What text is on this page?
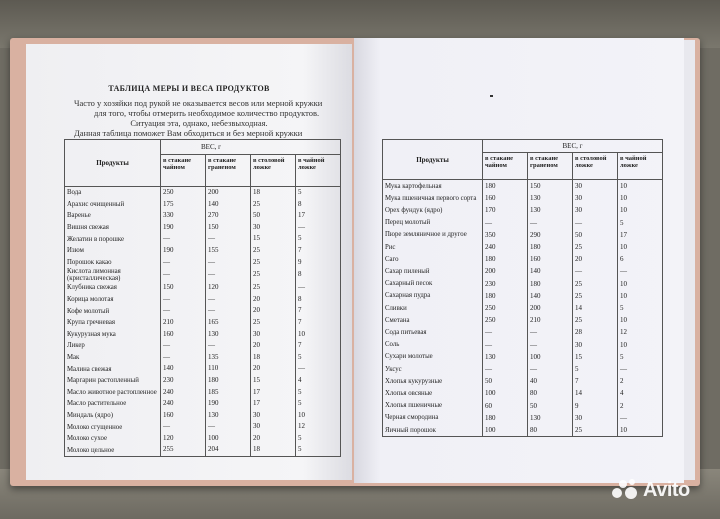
ТАБЛИЦА МЕРЫ И ВЕСА ПРОДУКТОВ

Часто у хозяйки под рукой не оказывается весов или мерной кружки

для того, чтобы отмерить необходимое количество продуктов.

Ситуация эта, однако, небезвыходная.

Данная таблица поможет Вам обходиться и без мерной кружки

Продукты	ВЕС, г			
	в стакане чайном	в стакане граненом	в столовой ложке	в чайной ложке
Вода	250	200	18	5
Арахис очищенный	175	140	25	8
Варенье	330	270	50	17
Вишня свежая	190	150	30	—
Желатин в порошке	—	—	15	5
Изюм	190	155	25	7
Порошок какао	—	—	25	9
Кислота лимонная (кристаллическая)	—	—	25	8
Клубника свежая	150	120	25	—
Корица молотая	—	—	20	8
Кофе молотый	—	—	20	7
Крупа гречневая	210	165	25	7
Кукурузная мука	160	130	30	10
Ликер	—	—	20	7
Мак	—	135	18	5
Малина свежая	140	110	20	—
Маргарин растопленный	230	180	15	4
Масло животное растопленное	240	185	17	5
Масло растительное	240	190	17	5
Миндаль (ядро)	160	130	30	10
Молоко сгущенное	—	—	30	12
Молоко сухое	120	100	20	5
Молоко цельное	255	204	18	5
Продукты	ВЕС, г			
	в стакане чайном	в стакане граненом	в столовой ложке	в чайной ложке
Мука картофельная	180	150	30	10
Мука пшеничная первого сорта	160	130	30	10
Орех фундук (ядро)	170	130	30	10
Перец молотый	—	—	—	5
Пюре земляничное и другое	350	290	50	17
Рис	240	180	25	10
Саго	180	160	20	6
Сахар пиленый	200	140	—	—
Сахарный песок	230	180	25	10
Сахарная пудра	180	140	25	10
Сливки	250	200	14	5
Сметана	250	210	25	10
Сода питьевая	—	—	28	12
Соль	—	—	30	10
Сухари молотые	130	100	15	5
Уксус	—	—	5	—
Хлопья кукурузные	50	40	7	2
Хлопья овсяные	100	80	14	4
Хлопья пшеничные	60	50	9	2
Черная смородина	180	130	30	—
Яичный порошок	100	80	25	10
Avito
